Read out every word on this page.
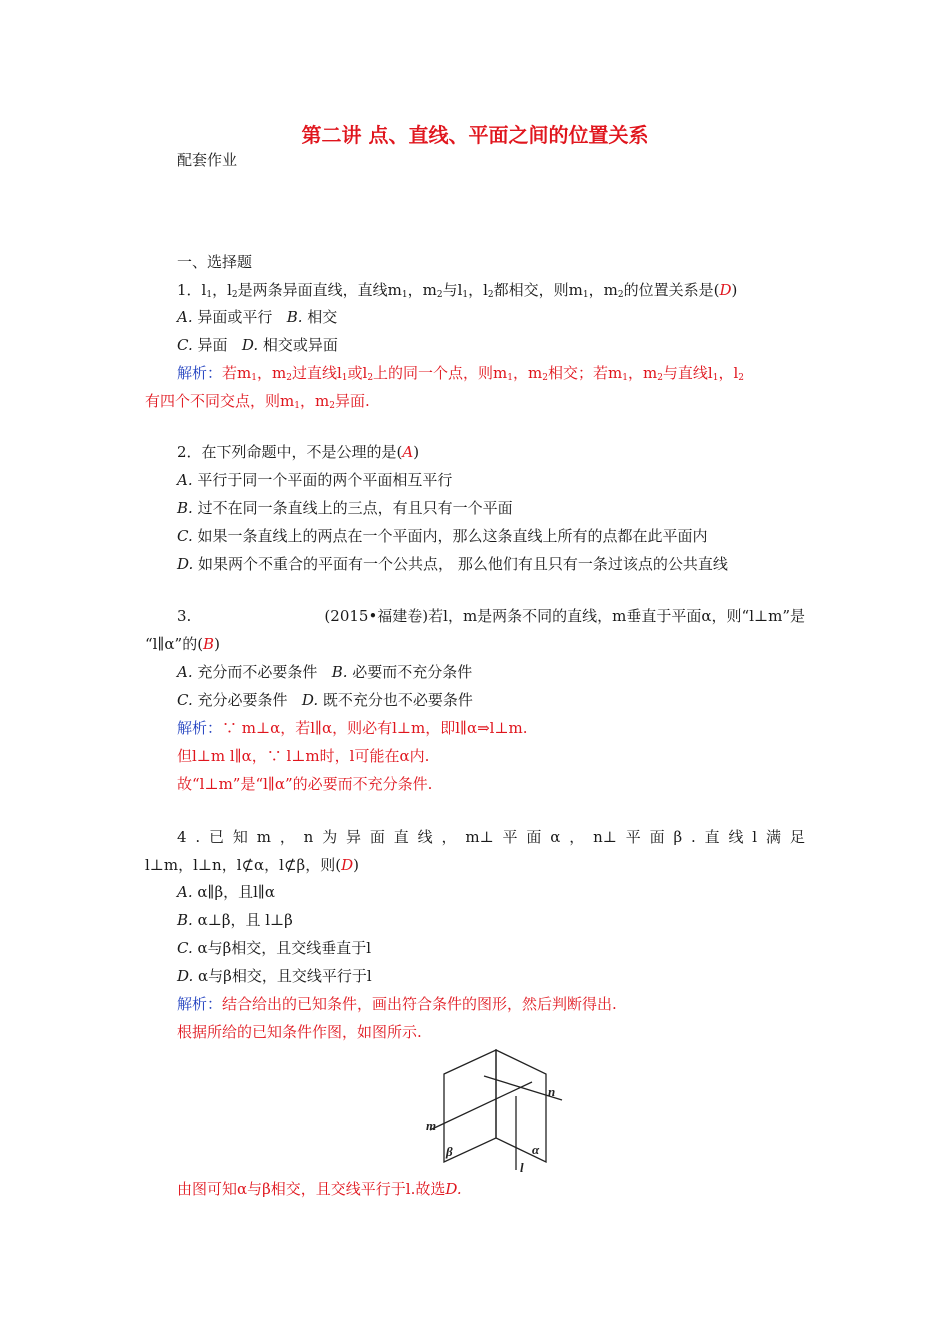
第二讲 点、直线、平面之间的位置关系
配套作业
一、选择题
1．$l_1$，$l_2$是两条异面直线，直线$m_1$，$m_2$与$l_1$，$l_2$都相交，则$m_1$，$m_2$的位置关系是(D)
A. 异面或平行 B. 相交
C. 异面 D. 相交或异面
解析：若$m_1$，$m_2$过直线$l_1$或$l_2$上的同一个点，则$m_1$，$m_2$相交；若$m_1$，$m_2$与直线$l_1$，$l_2$
有四个不同交点，则$m_1$，$m_2$异面.
2．在下列命题中，不是公理的是(A)
A. 平行于同一个平面的两个平面相互平行
B. 过不在同一条直线上的三点，有且只有一个平面
C. 如果一条直线上的两点在一个平面内，那么这条直线上所有的点都在此平面内
D. 如果两个不重合的平面有一个公共点， 那么他们有且只有一条过该点的公共直线
3.	(2015•福建卷)若l，m是两条不同的直线，m垂直于平面α，则“l⊥m”是
“l∥α”的(B)
A. 充分而不必要条件 B. 必要而不充分条件
C. 充分必要条件 D. 既不充分也不必要条件
解析：∵ m⊥α，若l∥α，则必有l⊥m，即l∥α⇒l⊥m.
但l⊥m l∥α，∵ l⊥m时，l可能在α内.
故“l⊥m”是“l∥α”的必要而不充分条件.
4 . 已 知 m ， n 为 异 面 直 线 ， m⊥ 平 面 α ， n⊥ 平 面 β . 直 线 l 满 足
l⊥m，l⊥n，l⊄α，l⊄β，则(D)
A. α∥β，且l∥α
B. α⊥β，且 l⊥β
C. α与β相交，且交线垂直于l
D. α与β相交，且交线平行于l
解析：结合给出的已知条件，画出符合条件的图形，然后判断得出.
根据所给的已知条件作图，如图所示.
m
n
β	α
l
由图可知α与β相交，且交线平行于l.故选D.
